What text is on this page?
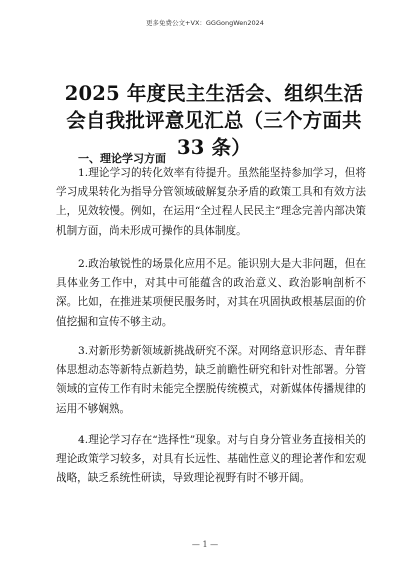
更多免费公文+VX：GGGongWen2024
2025 年度民主生活会、组织生活会自我批评意见汇总（三个方面共 33 条）
一、理论学习方面

1.理论学习的转化效率有待提升。虽然能坚持参加学习，但将学习成果转化为指导分管领域破解复杂矛盾的政策工具和有效方法上，见效较慢。例如，在运用“全过程人民民主”理念完善内部决策机制方面，尚未形成可操作的具体制度。

2.政治敏锐性的场景化应用不足。能识别大是大非问题，但在具体业务工作中，对其中可能蕴含的政治意义、政治影响剖析不深。比如，在推进某项便民服务时，对其在巩固执政根基层面的价值挖掘和宣传不够主动。

3.对新形势新领域新挑战研究不深。对网络意识形态、青年群体思想动态等新特点新趋势，缺乏前瞻性研究和针对性部署。分管领域的宣传工作有时未能完全摆脱传统模式，对新媒体传播规律的运用不够娴熟。

4.理论学习存在“选择性”现象。对与自身分管业务直接相关的理论政策学习较多，对具有长远性、基础性意义的理论著作和宏观战略，缺乏系统性研读，导致理论视野有时不够开阔。

— 1 —
